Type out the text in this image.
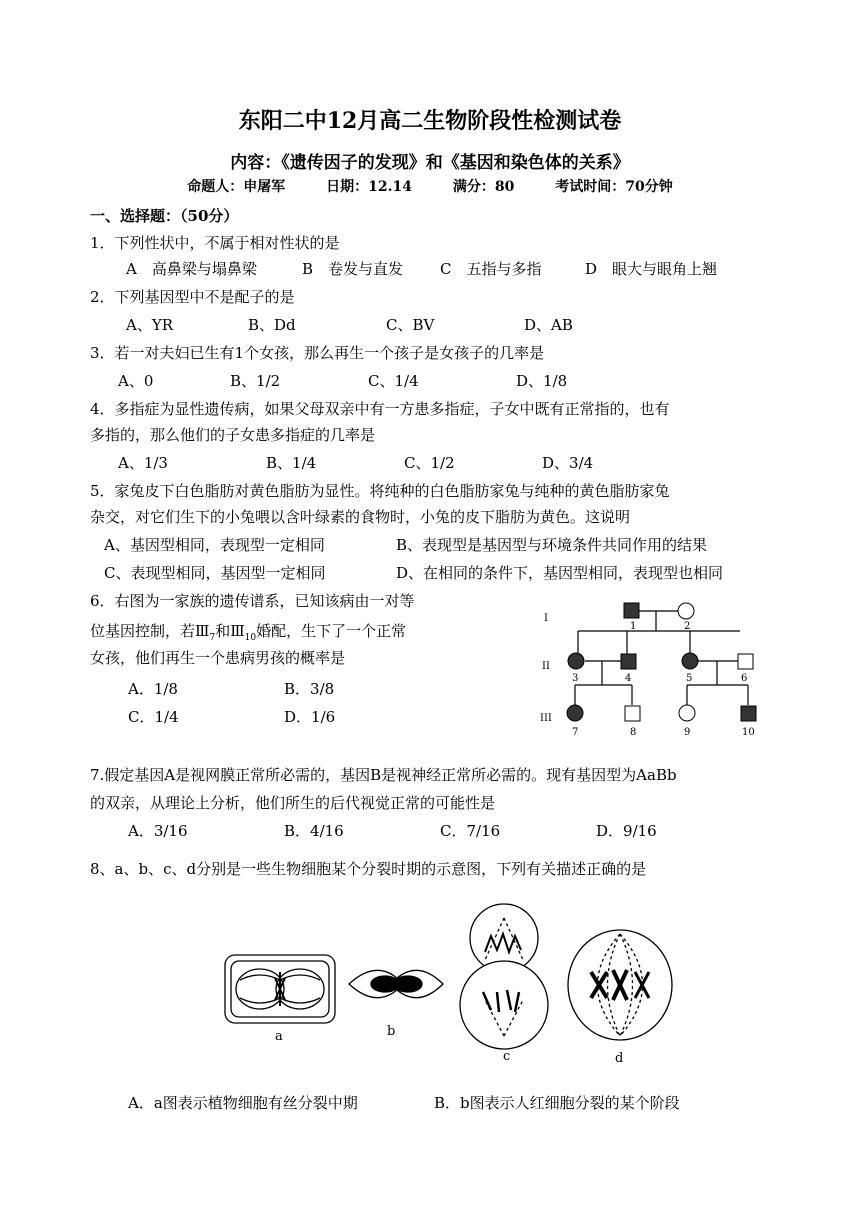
东阳二中12月高二生物阶段性检测试卷
内容：《遗传因子的发现》和《基因和染色体的关系》
命题人：申屠军	日期：12.14	满分：80	考试时间：70分钟
一、选择题：（50分）
1．下列性状中，不属于相对性状的是
A　高鼻梁与塌鼻梁	B　卷发与直发 C　五指与多指	D　眼大与眼角上翘
2．下列基因型中不是配子的是
A、YR	B、Dd	C、BV	D、AB
3．若一对夫妇已生有1个女孩，那么再生一个孩子是女孩子的几率是
A、0	B、1/2	C、1/4	D、1/8
4．多指症为显性遗传病，如果父母双亲中有一方患多指症，子女中既有正常指的，也有
多指的，那么他们的子女患多指症的几率是
A、1/3	B、1/4	C、1/2	D、3/4
5．家兔皮下白色脂肪对黄色脂肪为显性。将纯种的白色脂肪家兔与纯种的黄色脂肪家兔
杂交，对它们生下的小兔喂以含叶绿素的食物时，小兔的皮下脂肪为黄色。这说明
A、基因型相同，表现型一定相同	B、表现型是基因型与环境条件共同作用的结果
C、表现型相同，基因型一定相同	D、在相同的条件下，基因型相同，表现型也相同
6．右图为一家族的遗传谱系，已知该病由一对等
位基因控制，若$Ⅲ_7$和$Ⅲ_{10}$婚配，生下了一个正常
女孩，他们再生一个患病男孩的概率是
A．1/8	B．3/8
C．1/4	D．1/6
I
II
III
1	2
3	4	5	6
7	8	9	10
7.假定基因A是视网膜正常所必需的，基因B是视神经正常所必需的。现有基因型为AaBb
的双亲，从理论上分析，他们所生的后代视觉正常的可能性是
A．3/16	B．4/16	C．7/16	D．9/16
8、a、b、c、d分别是一些生物细胞某个分裂时期的示意图，下列有关描述正确的是
a	b
c	d
A．a图表示植物细胞有丝分裂中期	B．b图表示人红细胞分裂的某个阶段
